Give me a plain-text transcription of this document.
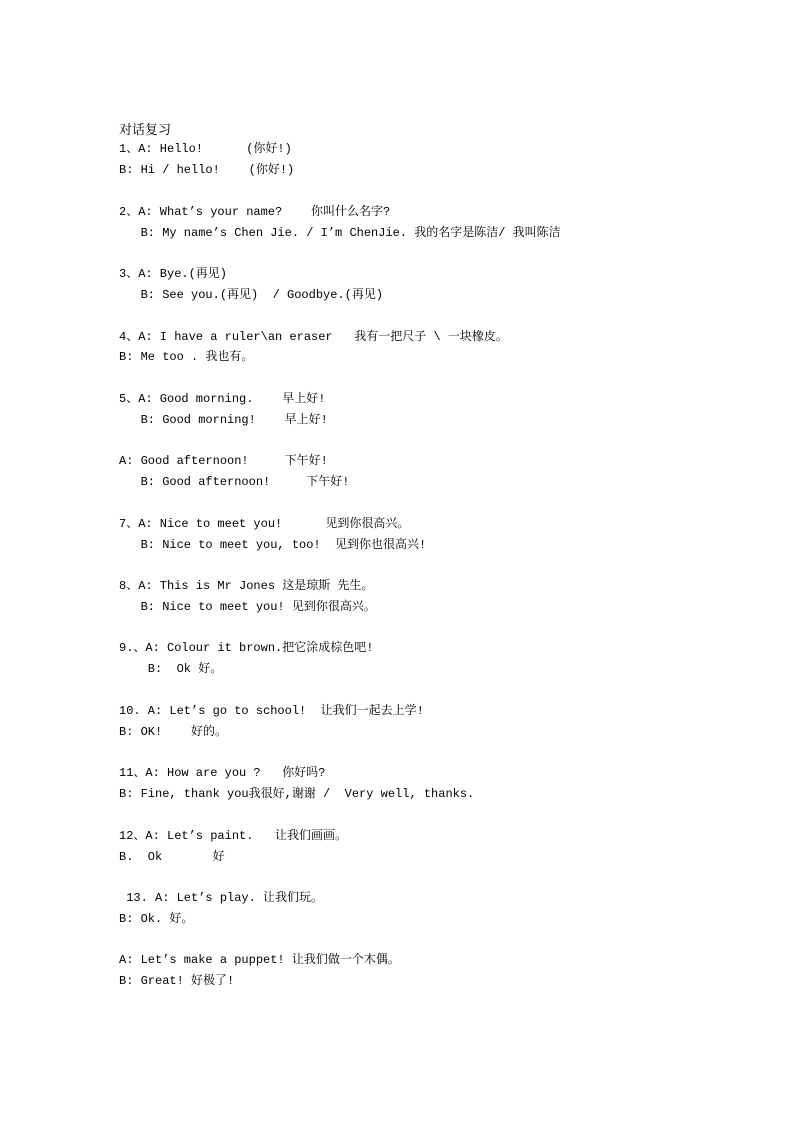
对话复习
1、A: Hello!      (你好!)
B: Hi / hello!    (你好!)
2、A: What’s your name?    你叫什么名字?
B: My name’s Chen Jie. / I’m ChenJie. 我的名字是陈洁/ 我叫陈洁
3、A: Bye.(再见)
B: See you.(再见)  / Goodbye.(再见)
4、A: I have a ruler\an eraser   我有一把尺子 \ 一块橡皮。
B: Me too . 我也有。
5、A: Good morning.    早上好!
B: Good morning!    早上好!
A: Good afternoon!     下午好!
B: Good afternoon!     下午好!
7、A: Nice to meet you!      见到你很高兴。
B: Nice to meet you, too!  见到你也很高兴!
8、A: This is Mr Jones 这是琼斯 先生。
B: Nice to meet you! 见到你很高兴。
9.、A: Colour it brown.把它涂成棕色吧!
B:  Ok 好。
10. A: Let’s go to school!  让我们一起去上学!
B: OK!    好的。
11、A: How are you ?   你好吗?
B: Fine, thank you我很好,谢谢 /  Very well, thanks.
12、A: Let’s paint.   让我们画画。
B.  Ok       好
13. A: Let’s play. 让我们玩。
B: Ok. 好。
A: Let’s make a puppet! 让我们做一个木偶。
B: Great! 好极了!
